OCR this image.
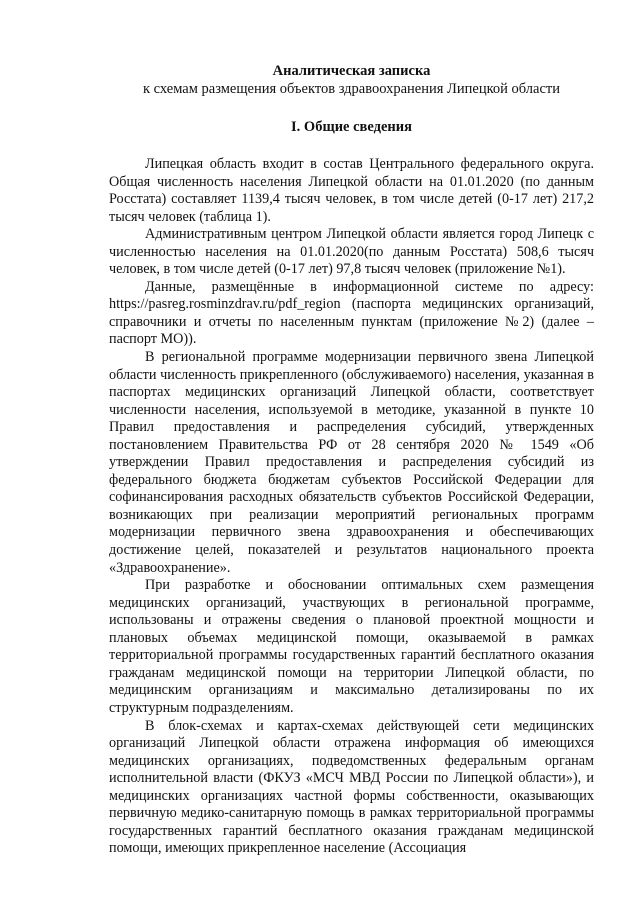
Аналитическая записка

к схемам размещения объектов здравоохранения Липецкой области

I. Общие сведения

Липецкая область входит в состав Центрального федерального округа. Общая численность населения Липецкой области на 01.01.2020 (по данным Росстата) составляет 1139,4 тысяч человек, в том числе детей (0-17 лет) 217,2 тысяч человек (таблица 1).

Административным центром Липецкой области является город Липецк с численностью населения на 01.01.2020(по данным Росстата) 508,6 тысяч человек, в том числе детей (0-17 лет) 97,8 тысяч человек (приложение №1).

Данные, размещённые в информационной системе по адресу: https://pasreg.rosminzdrav.ru/pdf_region (паспорта медицинских организаций, справочники и отчеты по населенным пунктам (приложение №2) (далее – паспорт МО)).

В региональной программе модернизации первичного звена Липецкой области численность прикрепленного (обслуживаемого) населения, указанная в паспортах медицинских организаций Липецкой области, соответствует численности населения, используемой в методике, указанной в пункте 10 Правил предоставления и распределения субсидий, утвержденных постановлением Правительства РФ от 28 сентября 2020 № 1549 «Об утверждении Правил предоставления и распределения субсидий из федерального бюджета бюджетам субъектов Российской Федерации для софинансирования расходных обязательств субъектов Российской Федерации, возникающих при реализации мероприятий региональных программ модернизации первичного звена здравоохранения и обеспечивающих достижение целей, показателей и результатов национального проекта «Здравоохранение».

При разработке и обосновании оптимальных схем размещения медицинских организаций, участвующих в региональной программе, использованы и отражены сведения о плановой проектной мощности и плановых объемах медицинской помощи, оказываемой в рамках территориальной программы государственных гарантий бесплатного оказания гражданам медицинской помощи на территории Липецкой области, по медицинским организациям и максимально детализированы по их структурным подразделениям.

В блок-схемах и картах-схемах действующей сети медицинских организаций Липецкой области отражена информация об имеющихся медицинских организациях, подведомственных федеральным органам исполнительной власти (ФКУЗ «МСЧ МВД России по Липецкой области»), и медицинских организациях частной формы собственности, оказывающих первичную медико-санитарную помощь в рамках территориальной программы государственных гарантий бесплатного оказания гражданам медицинской помощи, имеющих прикрепленное население (Ассоциация
